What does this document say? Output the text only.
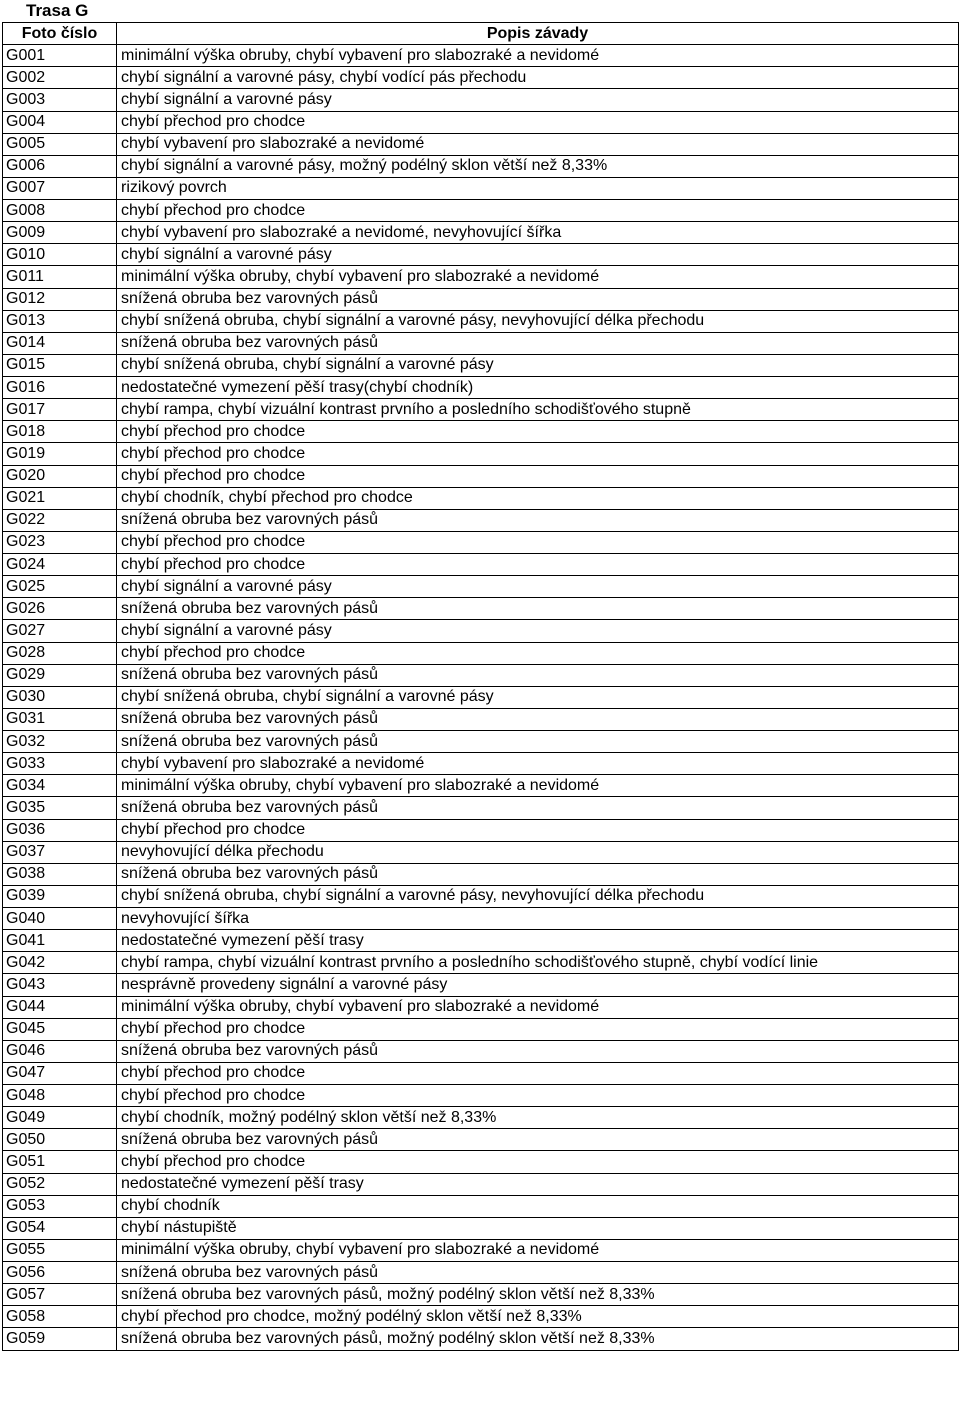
Trasa G
Foto číslo	Popis závady
G001	minimální výška obruby, chybí vybavení pro slabozraké a nevidomé
G002	chybí signální a varovné pásy, chybí vodící pás přechodu
G003	chybí signální a varovné pásy
G004	chybí přechod pro chodce
G005	chybí vybavení pro slabozraké a nevidomé
G006	chybí signální a varovné pásy, možný podélný sklon větší než 8,33%
G007	rizikový povrch
G008	chybí přechod pro chodce
G009	chybí vybavení pro slabozraké a nevidomé, nevyhovující šířka
G010	chybí signální a varovné pásy
G011	minimální výška obruby, chybí vybavení pro slabozraké a nevidomé
G012	snížená obruba bez varovných pásů
G013	chybí snížená obruba, chybí signální a varovné pásy, nevyhovující délka přechodu
G014	snížená obruba bez varovných pásů
G015	chybí snížená obruba, chybí signální a varovné pásy
G016	nedostatečné vymezení pěší trasy(chybí chodník)
G017	chybí rampa, chybí vizuální kontrast prvního a posledního schodišťového stupně
G018	chybí přechod pro chodce
G019	chybí přechod pro chodce
G020	chybí přechod pro chodce
G021	chybí chodník, chybí přechod pro chodce
G022	snížená obruba bez varovných pásů
G023	chybí přechod pro chodce
G024	chybí přechod pro chodce
G025	chybí signální a varovné pásy
G026	snížená obruba bez varovných pásů
G027	chybí signální a varovné pásy
G028	chybí přechod pro chodce
G029	snížená obruba bez varovných pásů
G030	chybí snížená obruba, chybí signální a varovné pásy
G031	snížená obruba bez varovných pásů
G032	snížená obruba bez varovných pásů
G033	chybí vybavení pro slabozraké a nevidomé
G034	minimální výška obruby, chybí vybavení pro slabozraké a nevidomé
G035	snížená obruba bez varovných pásů
G036	chybí přechod pro chodce
G037	nevyhovující délka přechodu
G038	snížená obruba bez varovných pásů
G039	chybí snížená obruba, chybí signální a varovné pásy, nevyhovující délka přechodu
G040	nevyhovující šířka
G041	nedostatečné vymezení pěší trasy
G042	chybí rampa, chybí vizuální kontrast prvního a posledního schodišťového stupně, chybí vodící linie
G043	nesprávně provedeny signální a varovné pásy
G044	minimální výška obruby, chybí vybavení pro slabozraké a nevidomé
G045	chybí přechod pro chodce
G046	snížená obruba bez varovných pásů
G047	chybí přechod pro chodce
G048	chybí přechod pro chodce
G049	chybí chodník, možný podélný sklon větší než 8,33%
G050	snížená obruba bez varovných pásů
G051	chybí přechod pro chodce
G052	nedostatečné vymezení pěší trasy
G053	chybí chodník
G054	chybí nástupiště
G055	minimální výška obruby, chybí vybavení pro slabozraké a nevidomé
G056	snížená obruba bez varovných pásů
G057	snížená obruba bez varovných pásů, možný podélný sklon větší než 8,33%
G058	chybí přechod pro chodce, možný podélný sklon větší než 8,33%
G059	snížená obruba bez varovných pásů, možný podélný sklon větší než 8,33%
